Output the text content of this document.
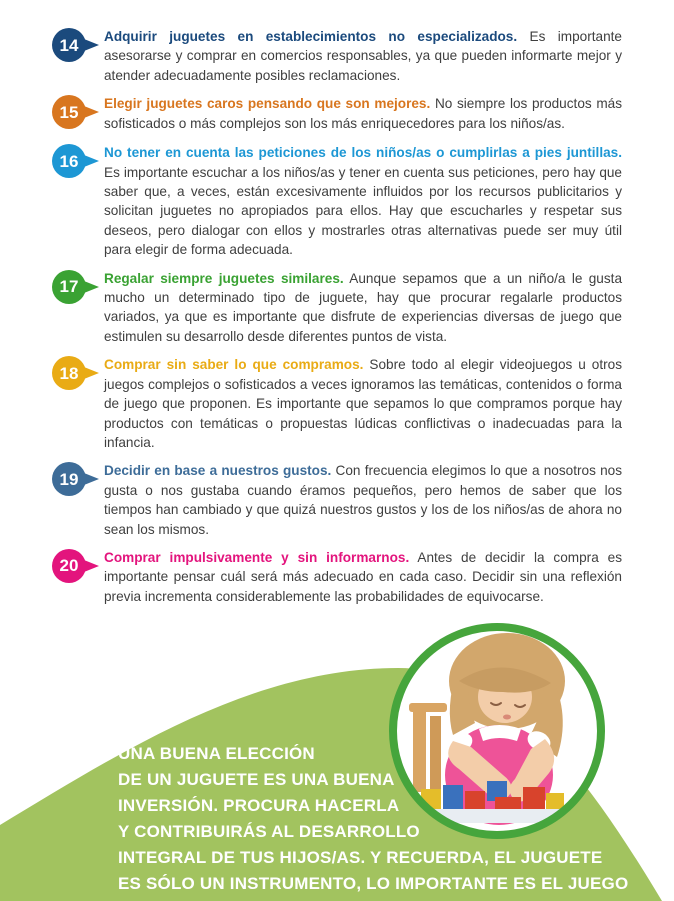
14 Adquirir juguetes en establecimientos no especializados. Es importante asesorarse y comprar en comercios responsables, ya que pueden informarte mejor y atender adecuadamente posibles reclamaciones.

15 Elegir juguetes caros pensando que son mejores. No siempre los productos más sofisticados o más complejos son los más enriquecedores para los niños/as.

16 No tener en cuenta las peticiones de los niños/as o cumplirlas a pies juntillas. Es importante escuchar a los niños/as y tener en cuenta sus peticiones, pero hay que saber que, a veces, están excesivamente influidos por los recursos publicitarios y solicitan juguetes no apropiados para ellos. Hay que escucharles y respetar sus deseos, pero dialogar con ellos y mostrarles otras alternativas puede ser muy útil para elegir de forma adecuada.

17 Regalar siempre juguetes similares. Aunque sepamos que a un niño/a le gusta mucho un determinado tipo de juguete, hay que procurar regalarle productos variados, ya que es importante que disfrute de experiencias diversas de juego que estimulen su desarrollo desde diferentes puntos de vista.

18 Comprar sin saber lo que compramos. Sobre todo al elegir videojuegos u otros juegos complejos o sofisticados a veces ignoramos las temáticas, contenidos o forma de juego que proponen. Es importante que sepamos lo que compramos porque hay productos con temáticas o propuestas lúdicas conflictivas o inadecuadas para la infancia.

19 Decidir en base a nuestros gustos. Con frecuencia elegimos lo que a nosotros nos gusta o nos gustaba cuando éramos pequeños, pero hemos de saber que los tiempos han cambiado y que quizá nuestros gustos y los de los niños/as de ahora no sean los mismos.

20 Comprar impulsivamente y sin informarnos. Antes de decidir la compra es importante pensar cuál será más adecuado en cada caso. Decidir sin una reflexión previa incrementa considerablemente las probabilidades de equivocarse.

UNA BUENA ELECCIÓN
DE UN JUGUETE ES UNA BUENA
INVERSIÓN. PROCURA HACERLA
Y CONTRIBUIRÁS AL DESARROLLO
INTEGRAL DE TUS HIJOS/AS. Y RECUERDA, EL JUGUETE
ES SÓLO UN INSTRUMENTO, LO IMPORTANTE ES EL JUEGO
